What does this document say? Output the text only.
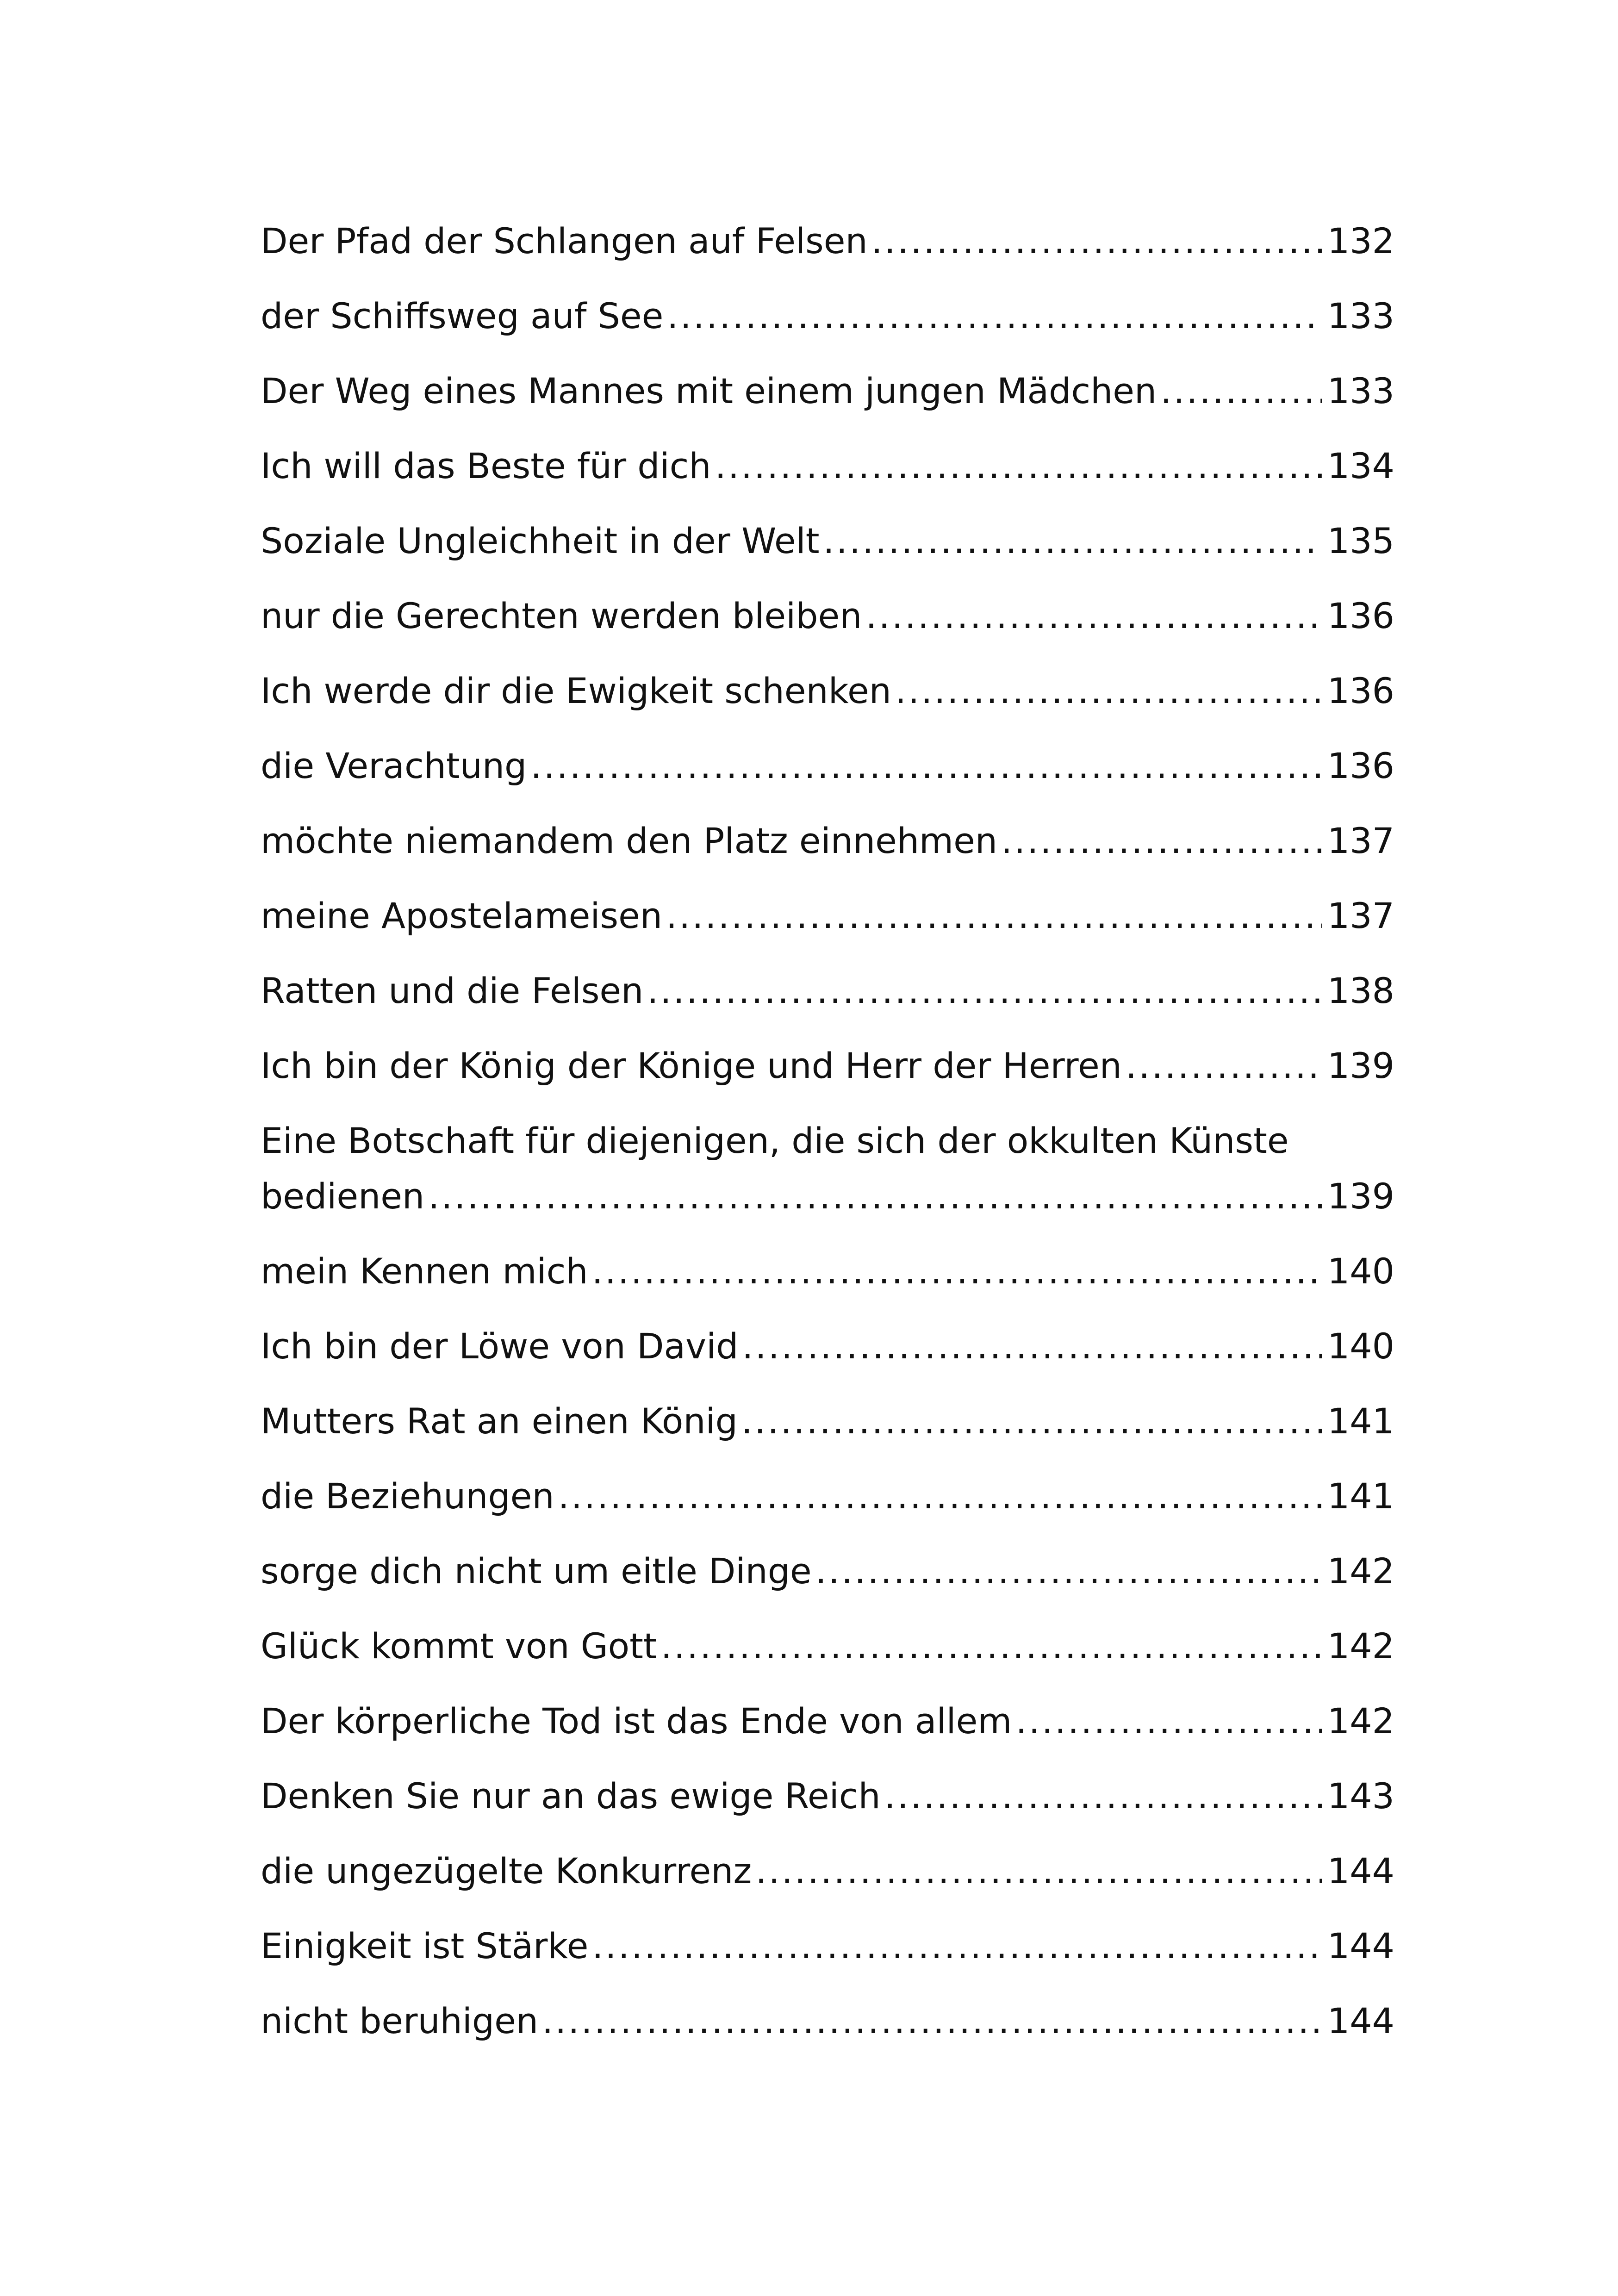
Der Pfad der Schlangen auf Felsen .....	132
der Schiffsweg auf See .....	133
Der Weg eines Mannes mit einem jungen Mädchen .....	133
Ich will das Beste für dich .....	134
Soziale Ungleichheit in der Welt .....	135
nur die Gerechten werden bleiben .....	136
Ich werde dir die Ewigkeit schenken .....	136
die Verachtung .....	136
möchte niemandem den Platz einnehmen .....	137
meine Apostelameisen .....	137
Ratten und die Felsen .....	138
Ich bin der König der Könige und Herr der Herren .....	139
Eine Botschaft für diejenigen, die sich der okkulten Künste
bedienen .....	139
mein Kennen mich .....	140
Ich bin der Löwe von David .....	140
Mutters Rat an einen König .....	141
die Beziehungen .....	141
sorge dich nicht um eitle Dinge .....	142
Glück kommt von Gott .....	142
Der körperliche Tod ist das Ende von allem .....	142
Denken Sie nur an das ewige Reich .....	143
die ungezügelte Konkurrenz .....	144
Einigkeit ist Stärke .....	144
nicht beruhigen .....	144
